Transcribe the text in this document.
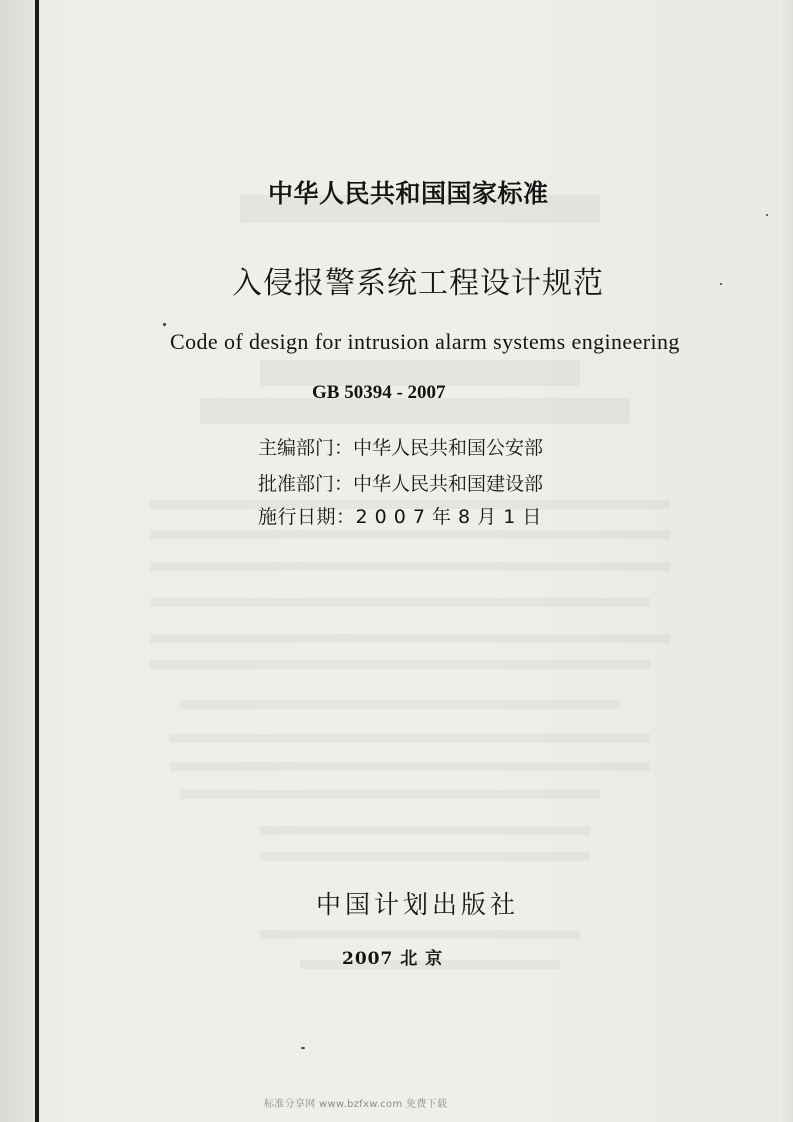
中华人民共和国国家标准
入侵报警系统工程设计规范
Code of design for intrusion alarm systems engineering
GB 50394 - 2007
主编部门：中华人民共和国公安部
批准部门：中华人民共和国建设部
施行日期：2 0 0 7 年 8 月 1 日
中国计划出版社
2007 北 京
标准分享网 www.bzfxw.com 免费下载
